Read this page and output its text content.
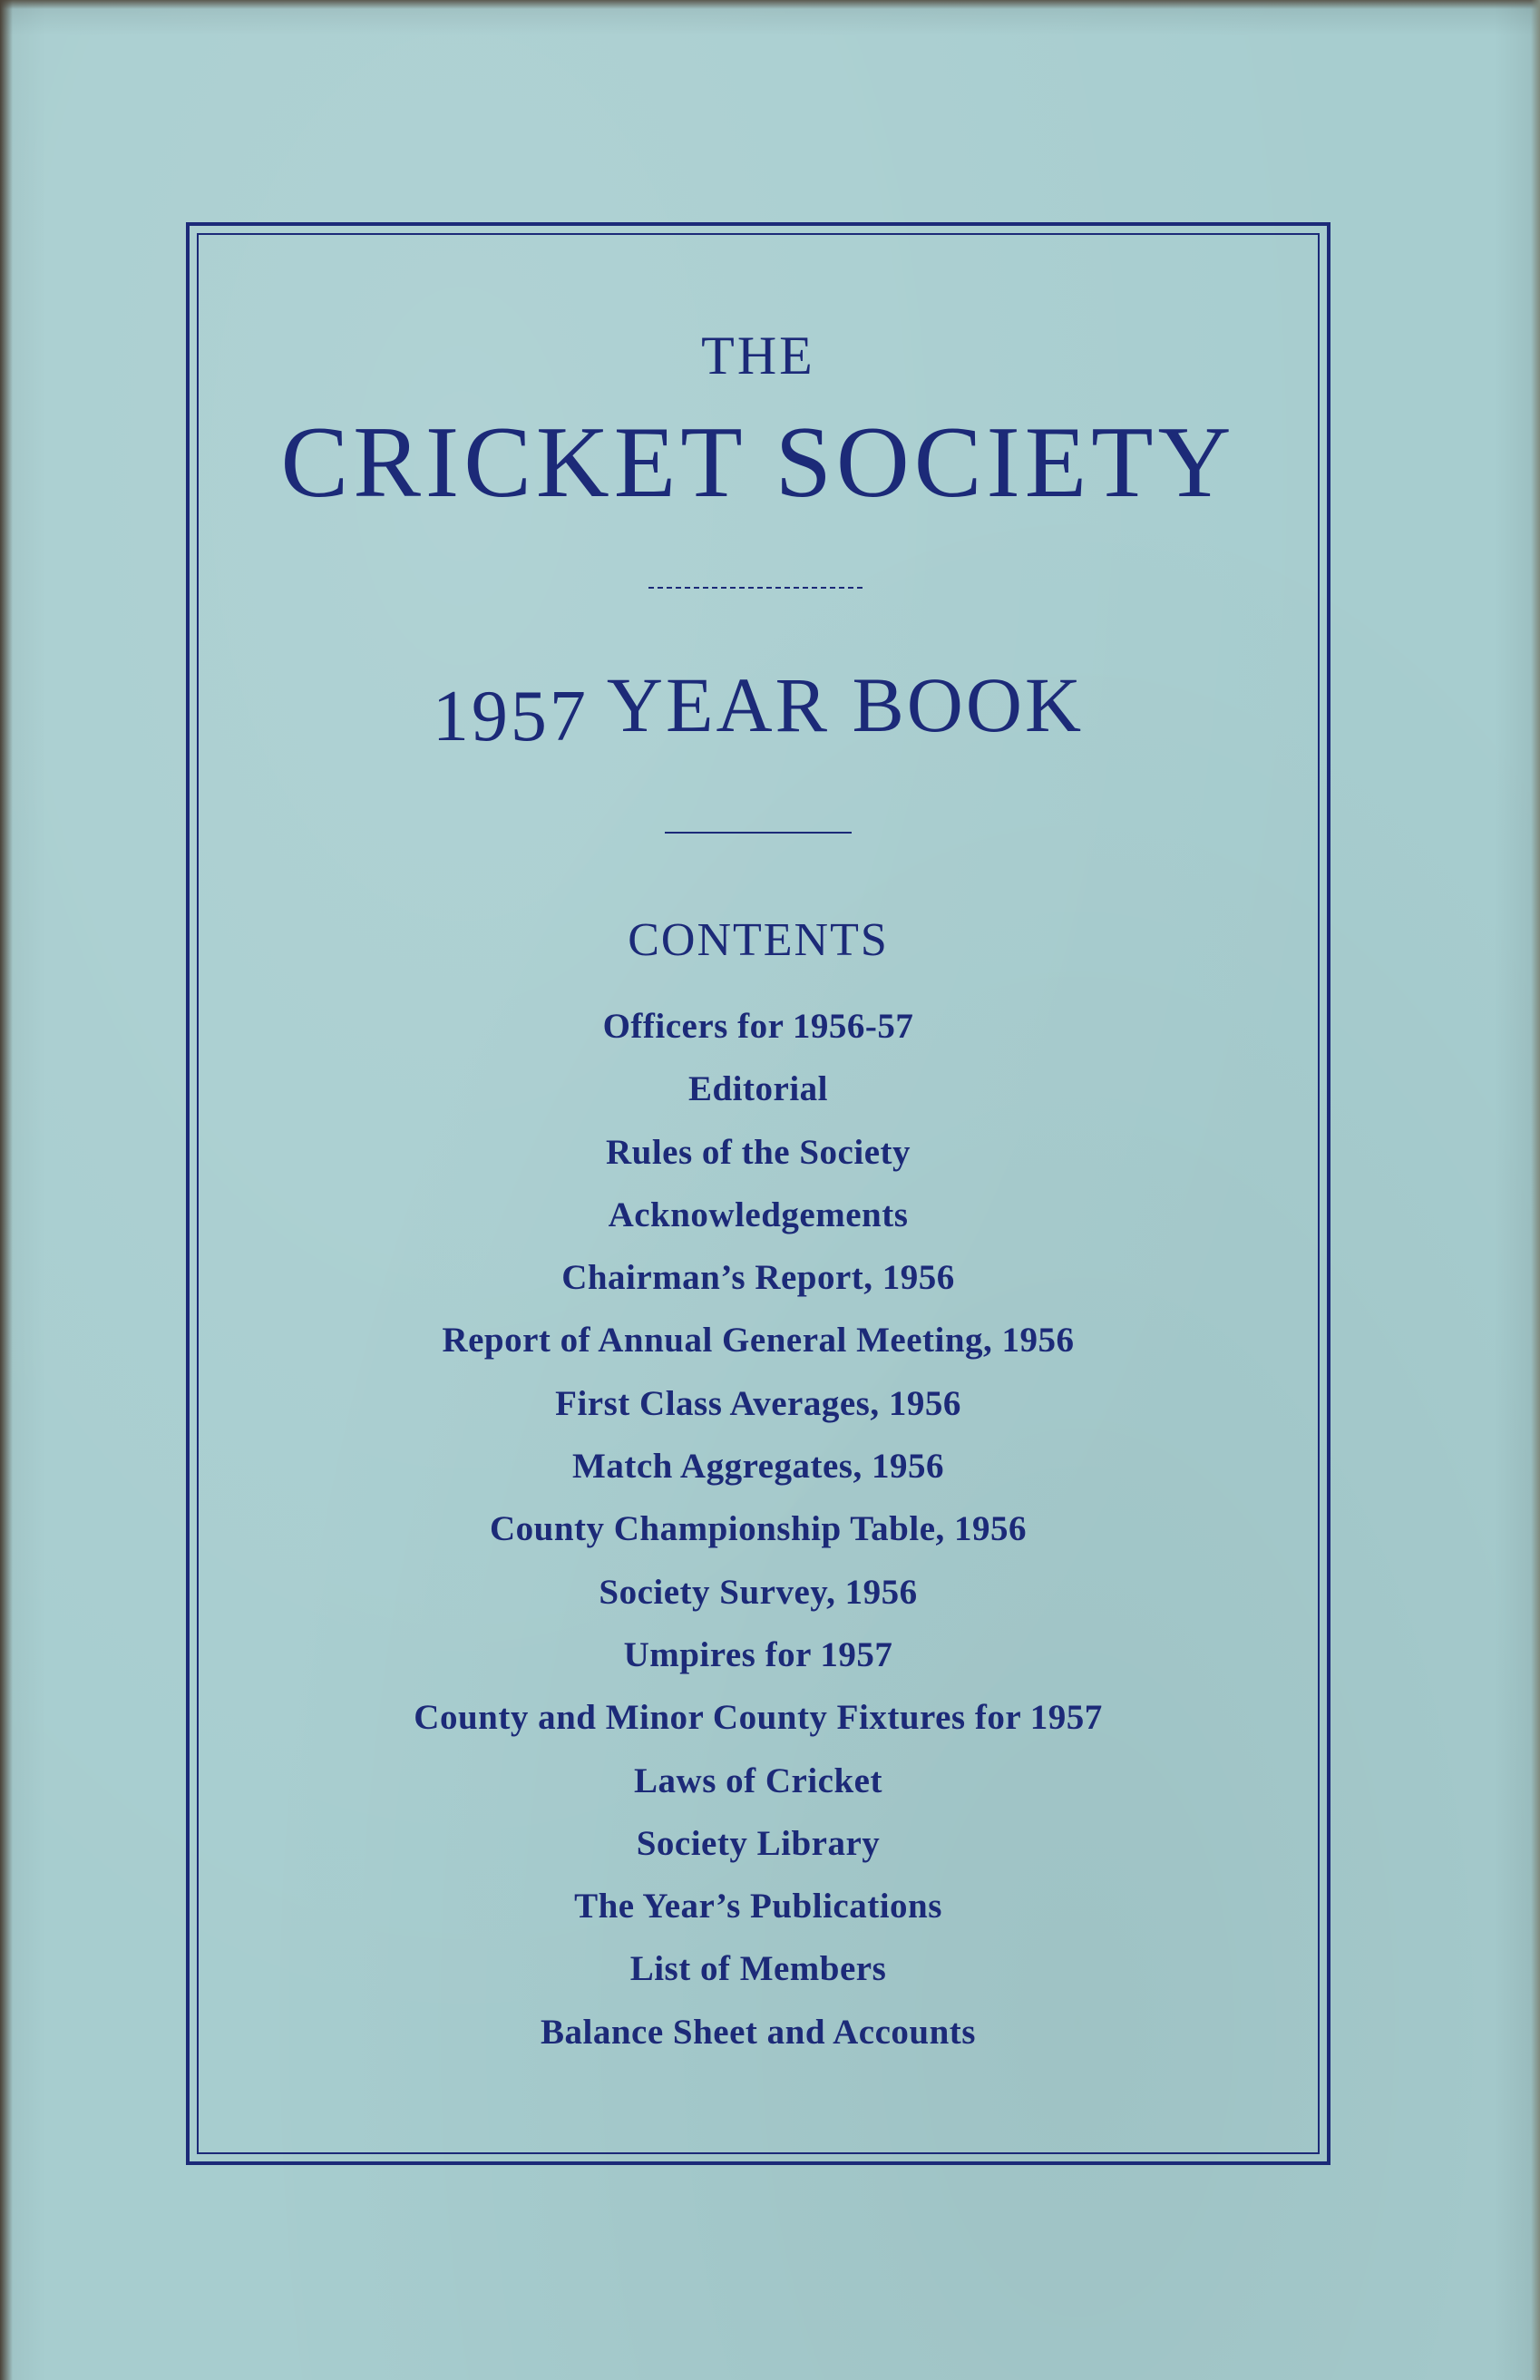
THE
CRICKET SOCIETY
1957 YEAR BOOK
CONTENTS
Officers for 1956-57
Editorial
Rules of the Society
Acknowledgements
Chairman’s Report, 1956
Report of Annual General Meeting, 1956
First Class Averages, 1956
Match Aggregates, 1956
County Championship Table, 1956
Society Survey, 1956
Umpires for 1957
County and Minor County Fixtures for 1957
Laws of Cricket
Society Library
The Year’s Publications
List of Members
Balance Sheet and Accounts
